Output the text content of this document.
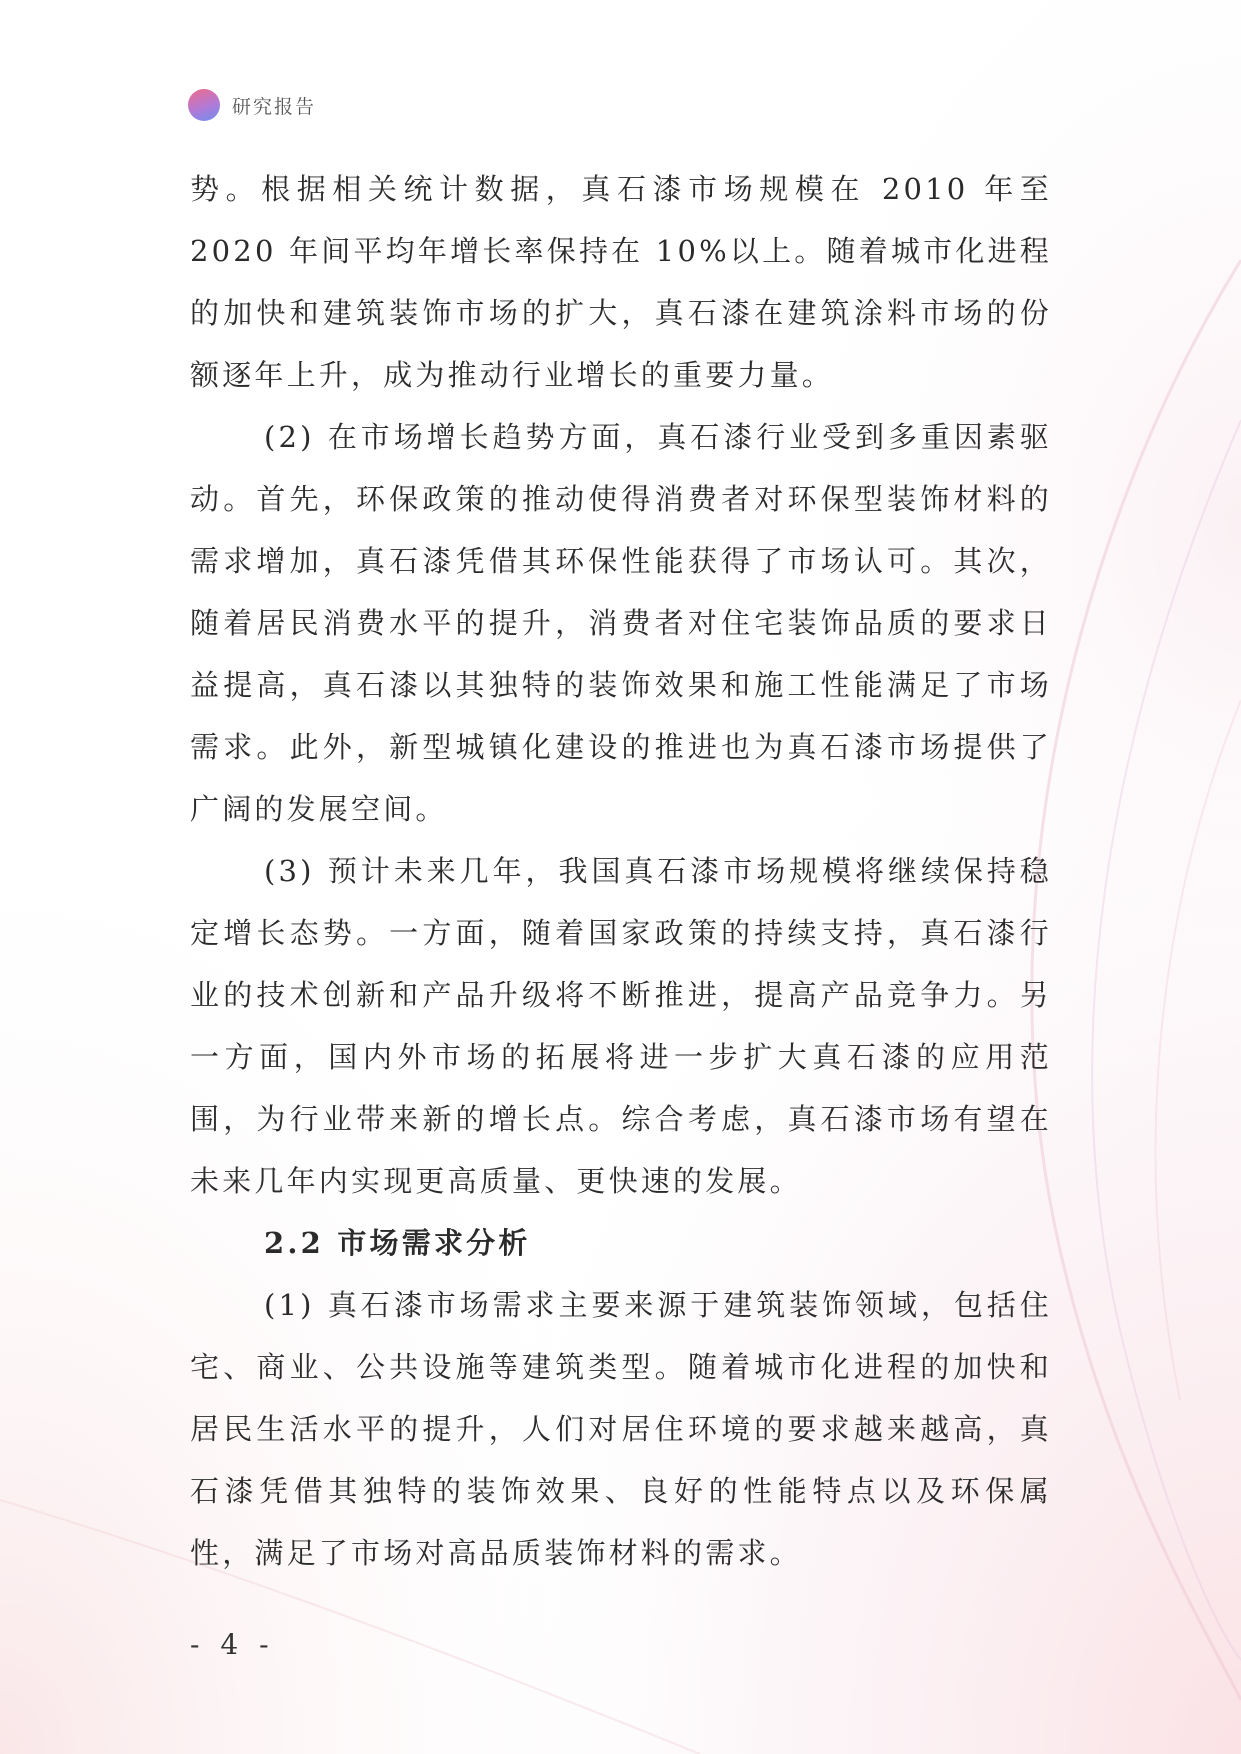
研究报告

势。根据相关统计数据，真石漆市场规模在 2010 年至 2020 年间平均年增长率保持在 10%以上。随着城市化进程的加快和建筑装饰市场的扩大，真石漆在建筑涂料市场的份额逐年上升，成为推动行业增长的重要力量。

(2) 在市场增长趋势方面，真石漆行业受到多重因素驱动。首先，环保政策的推动使得消费者对环保型装饰材料的需求增加，真石漆凭借其环保性能获得了市场认可。其次，随着居民消费水平的提升，消费者对住宅装饰品质的要求日益提高，真石漆以其独特的装饰效果和施工性能满足了市场需求。此外，新型城镇化建设的推进也为真石漆市场提供了广阔的发展空间。

(3) 预计未来几年，我国真石漆市场规模将继续保持稳定增长态势。一方面，随着国家政策的持续支持，真石漆行业的技术创新和产品升级将不断推进，提高产品竞争力。另一方面，国内外市场的拓展将进一步扩大真石漆的应用范围，为行业带来新的增长点。综合考虑，真石漆市场有望在未来几年内实现更高质量、更快速的发展。

2.2 市场需求分析

(1) 真石漆市场需求主要来源于建筑装饰领域，包括住宅、商业、公共设施等建筑类型。随着城市化进程的加快和居民生活水平的提升，人们对居住环境的要求越来越高，真石漆凭借其独特的装饰效果、良好的性能特点以及环保属性，满足了市场对高品质装饰材料的需求。

- 4 -
